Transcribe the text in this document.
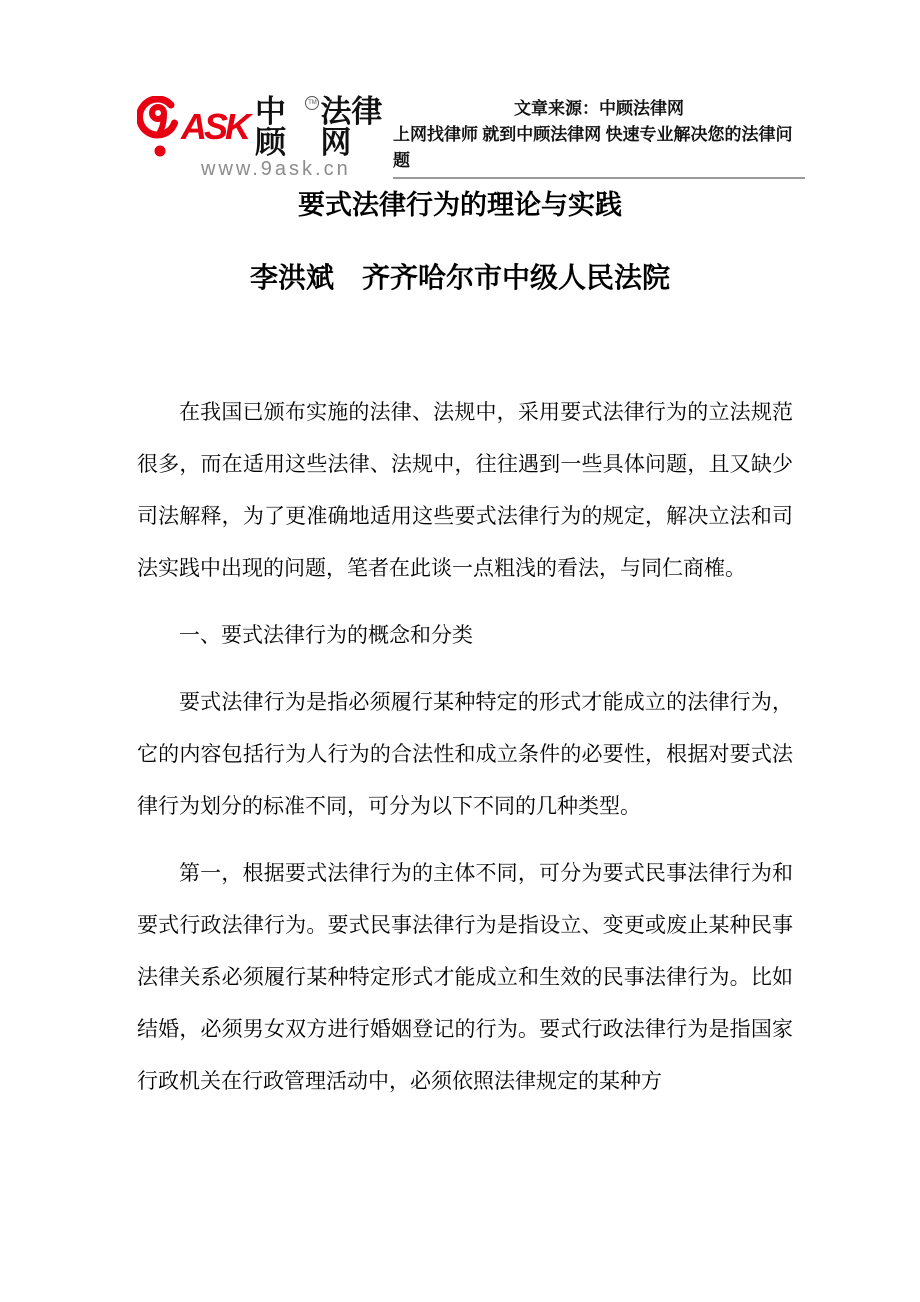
ASK 中顾
TM 法律网
www.9ask.cn
文章来源：中顾法律网
上网找律师 就到中顾法律网 快速专业解决您的法律问题
要式法律行为的理论与实践
李洪斌　齐齐哈尔市中级人民法院

在我国已颁布实施的法律、法规中，采用要式法律行为的立法规范很多，而在适用这些法律、法规中，往往遇到一些具体问题，且又缺少司法解释，为了更准确地适用这些要式法律行为的规定，解决立法和司法实践中出现的问题，笔者在此谈一点粗浅的看法，与同仁商榷。

一、要式法律行为的概念和分类

要式法律行为是指必须履行某种特定的形式才能成立的法律行为，它的内容包括行为人行为的合法性和成立条件的必要性，根据对要式法律行为划分的标准不同，可分为以下不同的几种类型。

第一，根据要式法律行为的主体不同，可分为要式民事法律行为和要式行政法律行为。要式民事法律行为是指设立、变更或废止某种民事法律关系必须履行某种特定形式才能成立和生效的民事法律行为。比如结婚，必须男女双方进行婚姻登记的行为。要式行政法律行为是指国家行政机关在行政管理活动中，必须依照法律规定的某种方
